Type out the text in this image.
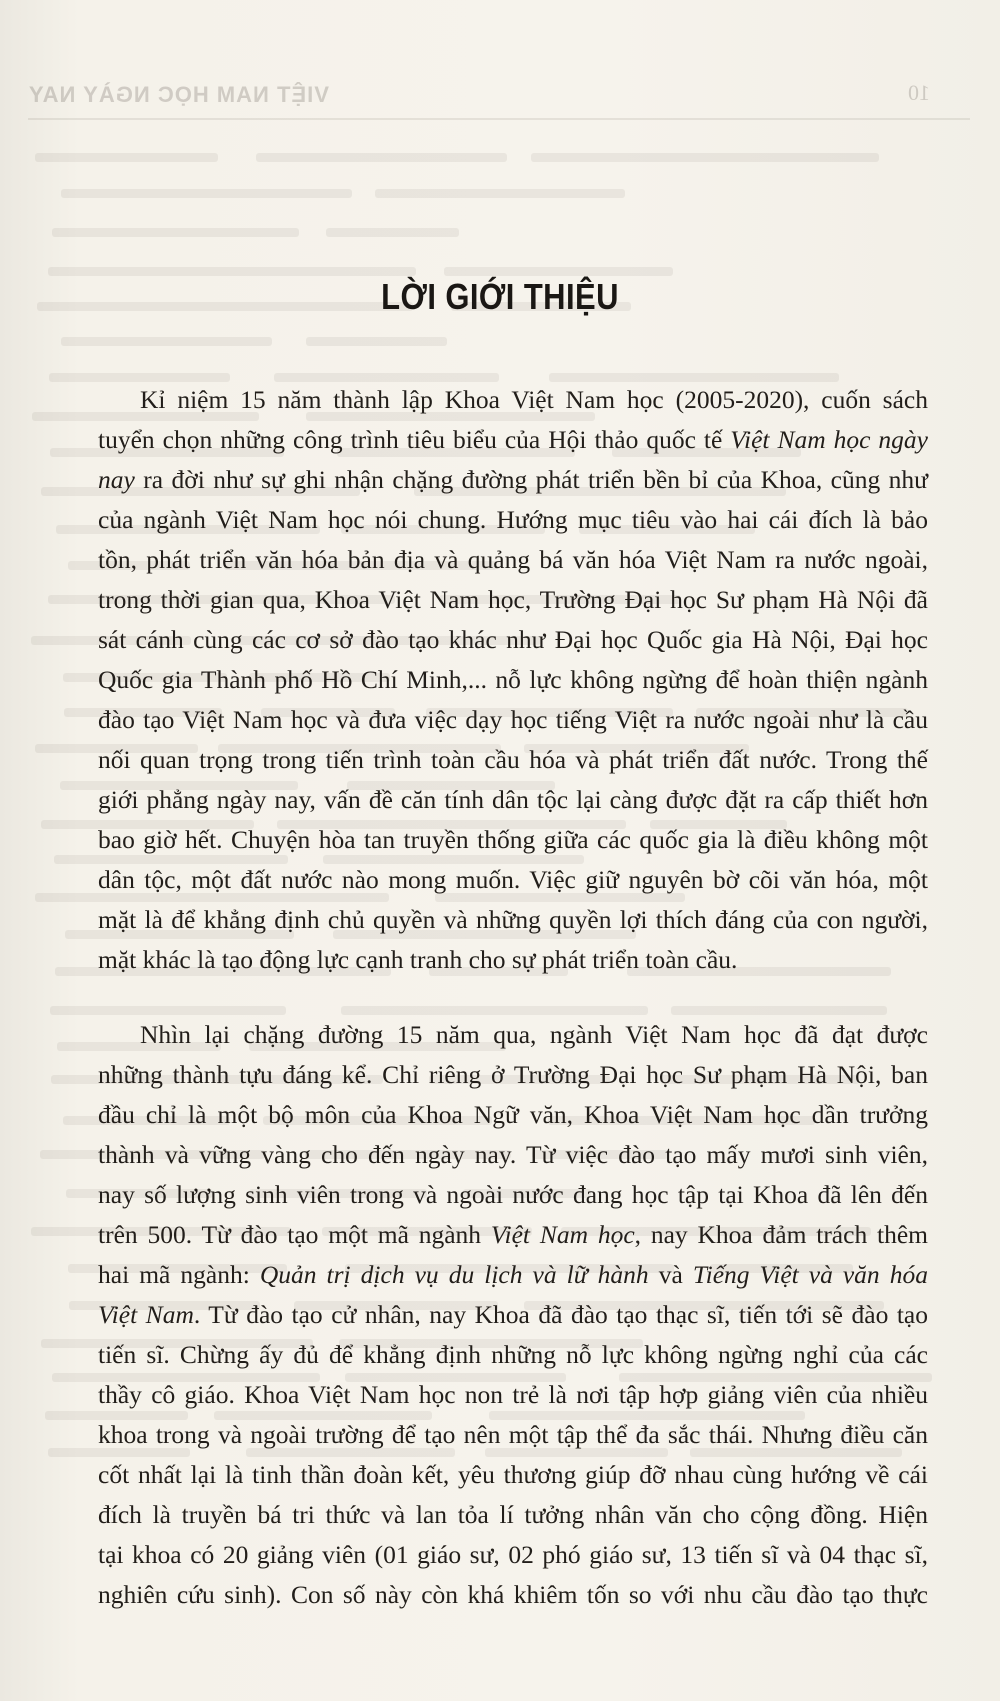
VIỆT NAM HỌC NGÀY NAY	10
LỜI GIỚI THIỆU
Kỉ niệm 15 năm thành lập Khoa Việt Nam học (2005-2020), cuốn sách
tuyển chọn những công trình tiêu biểu của Hội thảo quốc tế Việt Nam học ngày
nay ra đời như sự ghi nhận chặng đường phát triển bền bỉ của Khoa, cũng như
của ngành Việt Nam học nói chung. Hướng mục tiêu vào hai cái đích là bảo
tồn, phát triển văn hóa bản địa và quảng bá văn hóa Việt Nam ra nước ngoài,
trong thời gian qua, Khoa Việt Nam học, Trường Đại học Sư phạm Hà Nội đã
sát cánh cùng các cơ sở đào tạo khác như Đại học Quốc gia Hà Nội, Đại học
Quốc gia Thành phố Hồ Chí Minh,... nỗ lực không ngừng để hoàn thiện ngành
đào tạo Việt Nam học và đưa việc dạy học tiếng Việt ra nước ngoài như là cầu
nối quan trọng trong tiến trình toàn cầu hóa và phát triển đất nước. Trong thế
giới phẳng ngày nay, vấn đề căn tính dân tộc lại càng được đặt ra cấp thiết hơn
bao giờ hết. Chuyện hòa tan truyền thống giữa các quốc gia là điều không một
dân tộc, một đất nước nào mong muốn. Việc giữ nguyên bờ cõi văn hóa, một
mặt là để khẳng định chủ quyền và những quyền lợi thích đáng của con người,
mặt khác là tạo động lực cạnh tranh cho sự phát triển toàn cầu.
Nhìn lại chặng đường 15 năm qua, ngành Việt Nam học đã đạt được
những thành tựu đáng kể. Chỉ riêng ở Trường Đại học Sư phạm Hà Nội, ban
đầu chỉ là một bộ môn của Khoa Ngữ văn, Khoa Việt Nam học dần trưởng
thành và vững vàng cho đến ngày nay. Từ việc đào tạo mấy mươi sinh viên,
nay số lượng sinh viên trong và ngoài nước đang học tập tại Khoa đã lên đến
trên 500. Từ đào tạo một mã ngành Việt Nam học, nay Khoa đảm trách thêm
hai mã ngành: Quản trị dịch vụ du lịch và lữ hành và Tiếng Việt và văn hóa
Việt Nam. Từ đào tạo cử nhân, nay Khoa đã đào tạo thạc sĩ, tiến tới sẽ đào tạo
tiến sĩ. Chừng ấy đủ để khẳng định những nỗ lực không ngừng nghỉ của các
thầy cô giáo. Khoa Việt Nam học non trẻ là nơi tập hợp giảng viên của nhiều
khoa trong và ngoài trường để tạo nên một tập thể đa sắc thái. Nhưng điều căn
cốt nhất lại là tinh thần đoàn kết, yêu thương giúp đỡ nhau cùng hướng về cái
đích là truyền bá tri thức và lan tỏa lí tưởng nhân văn cho cộng đồng. Hiện
tại khoa có 20 giảng viên (01 giáo sư, 02 phó giáo sư, 13 tiến sĩ và 04 thạc sĩ,
nghiên cứu sinh). Con số này còn khá khiêm tốn so với nhu cầu đào tạo thực
